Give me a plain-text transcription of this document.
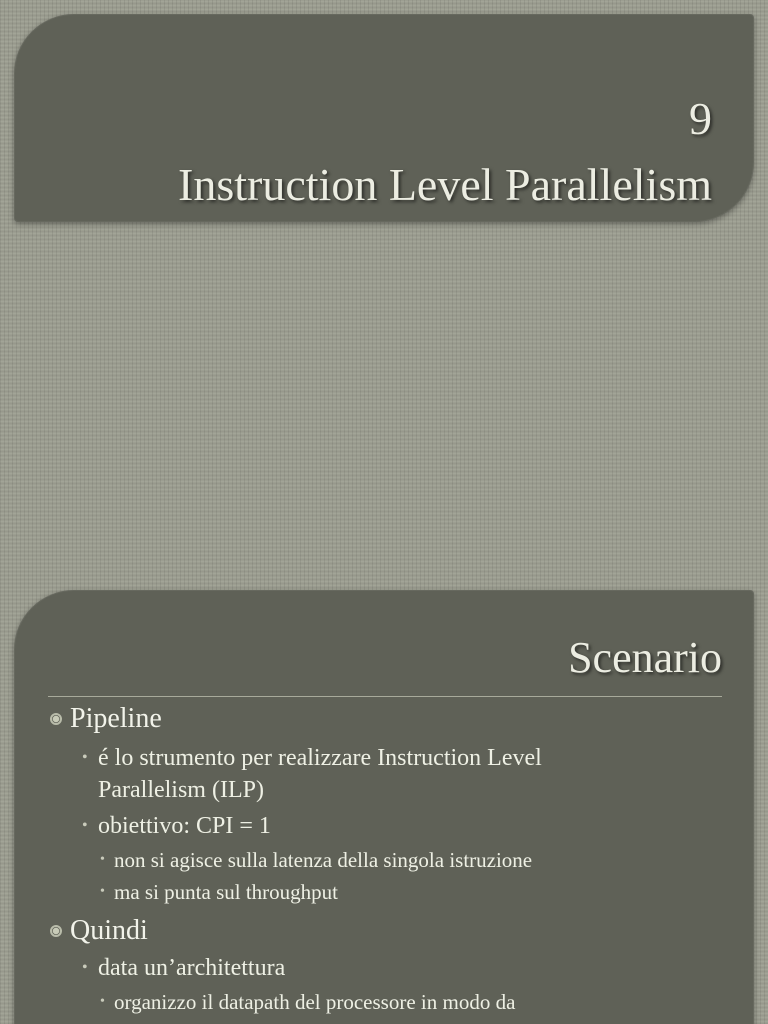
9
Instruction Level Parallelism
Scenario
Pipeline
• é lo strumento per realizzare Instruction Level
Parallelism (ILP)
• obiettivo: CPI = 1
• non si agisce sulla latenza della singola istruzione
• ma si punta sul throughput
Quindi
• data un’architettura
• organizzo il datapath del processore in modo da
